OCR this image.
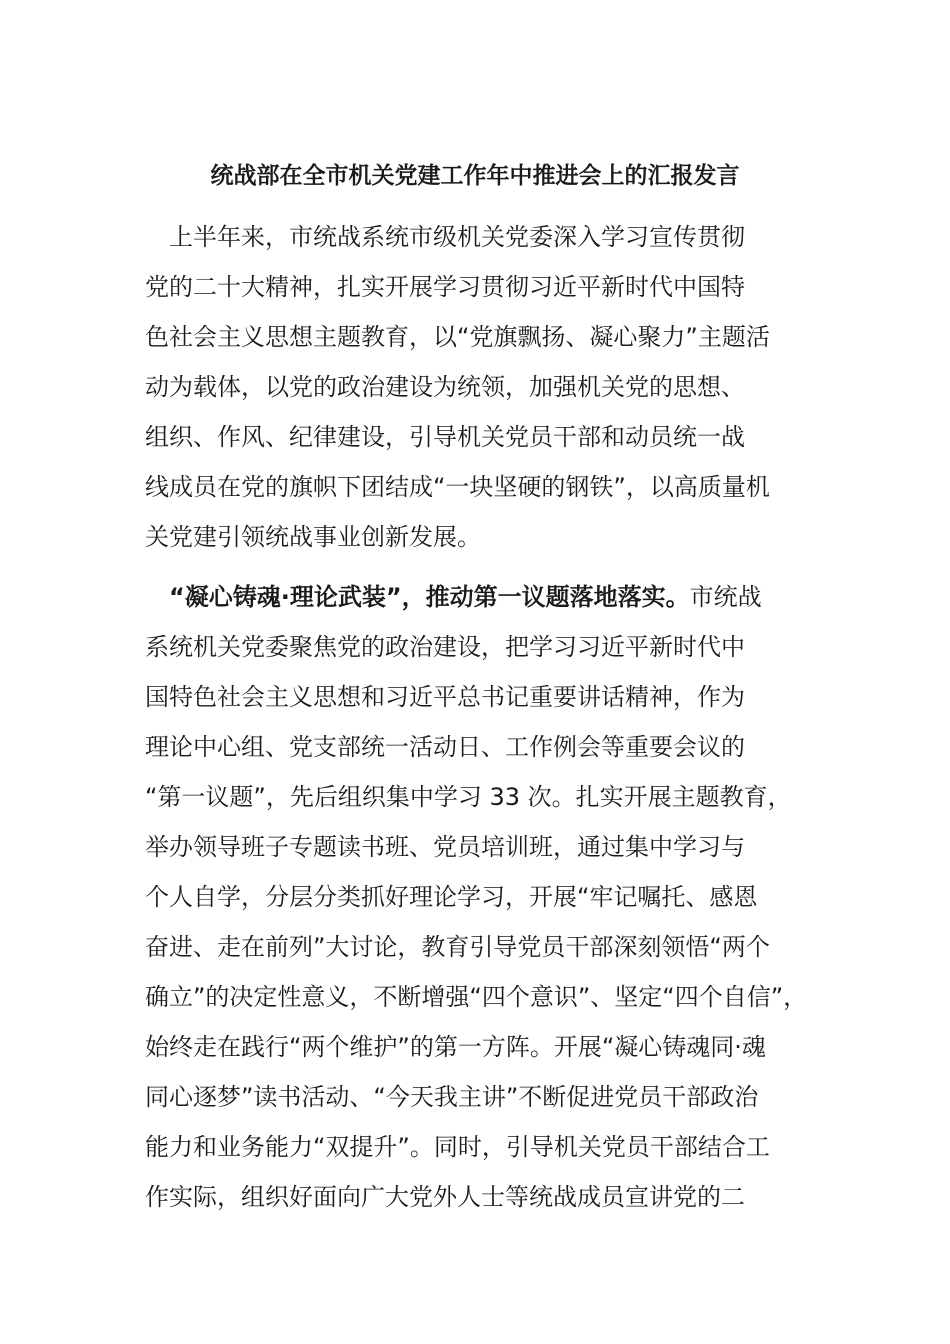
统战部在全市机关党建工作年中推进会上的汇报发言

　上半年来，市统战系统市级机关党委深入学习宣传贯彻
党的二十大精神，扎实开展学习贯彻习近平新时代中国特
色社会主义思想主题教育，以“党旗飘扬、凝心聚力”主题活
动为载体，以党的政治建设为统领，加强机关党的思想、
组织、作风、纪律建设，引导机关党员干部和动员统一战
线成员在党的旗帜下团结成“一块坚硬的钢铁”，以高质量机
关党建引领统战事业创新发展。

　“凝心铸魂·理论武装”，推动第一议题落地落实。市统战
系统机关党委聚焦党的政治建设，把学习习近平新时代中
国特色社会主义思想和习近平总书记重要讲话精神，作为
理论中心组、党支部统一活动日、工作例会等重要会议的
“第一议题”，先后组织集中学习 33 次。扎实开展主题教育，
举办领导班子专题读书班、党员培训班，通过集中学习与
个人自学，分层分类抓好理论学习，开展“牢记嘱托、感恩
奋进、走在前列”大讨论，教育引导党员干部深刻领悟“两个
确立”的决定性意义，不断增强“四个意识”、坚定“四个自信”，
始终走在践行“两个维护”的第一方阵。开展“凝心铸魂同·魂
同心逐梦”读书活动、“今天我主讲”不断促进党员干部政治
能力和业务能力“双提升”。同时，引导机关党员干部结合工
作实际，组织好面向广大党外人士等统战成员宣讲党的二
